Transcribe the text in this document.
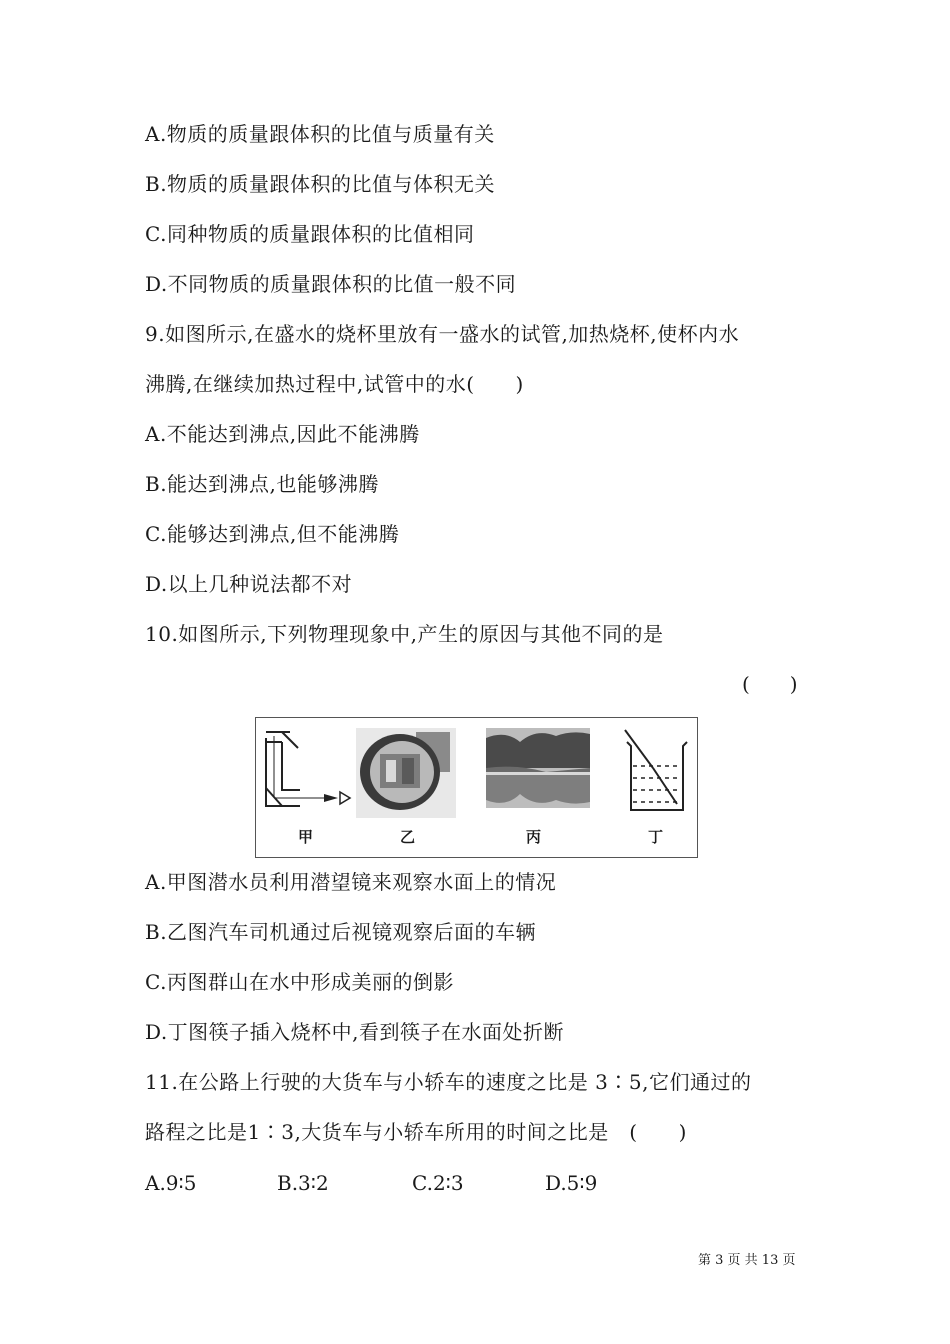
A.物质的质量跟体积的比值与质量有关
B.物质的质量跟体积的比值与体积无关
C.同种物质的质量跟体积的比值相同
D.不同物质的质量跟体积的比值一般不同
9.如图所示,在盛水的烧杯里放有一盛水的试管,加热烧杯,使杯内水
沸腾,在继续加热过程中,试管中的水(　　)
A.不能达到沸点,因此不能沸腾
B.能达到沸点,也能够沸腾
C.能够达到沸点,但不能沸腾
D.以上几种说法都不对
10.如图所示,下列物理现象中,产生的原因与其他不同的是
(　　)
甲	乙	丙	丁
A.甲图潜水员利用潜望镜来观察水面上的情况
B.乙图汽车司机通过后视镜观察后面的车辆
C.丙图群山在水中形成美丽的倒影
D.丁图筷子插入烧杯中,看到筷子在水面处折断
11.在公路上行驶的大货车与小轿车的速度之比是 3∶5,它们通过的
路程之比是1∶3,大货车与小轿车所用的时间之比是　(　　)
A.9∶5	B.3∶2	C.2∶3	D.5∶9
第 3 页 共 13 页
